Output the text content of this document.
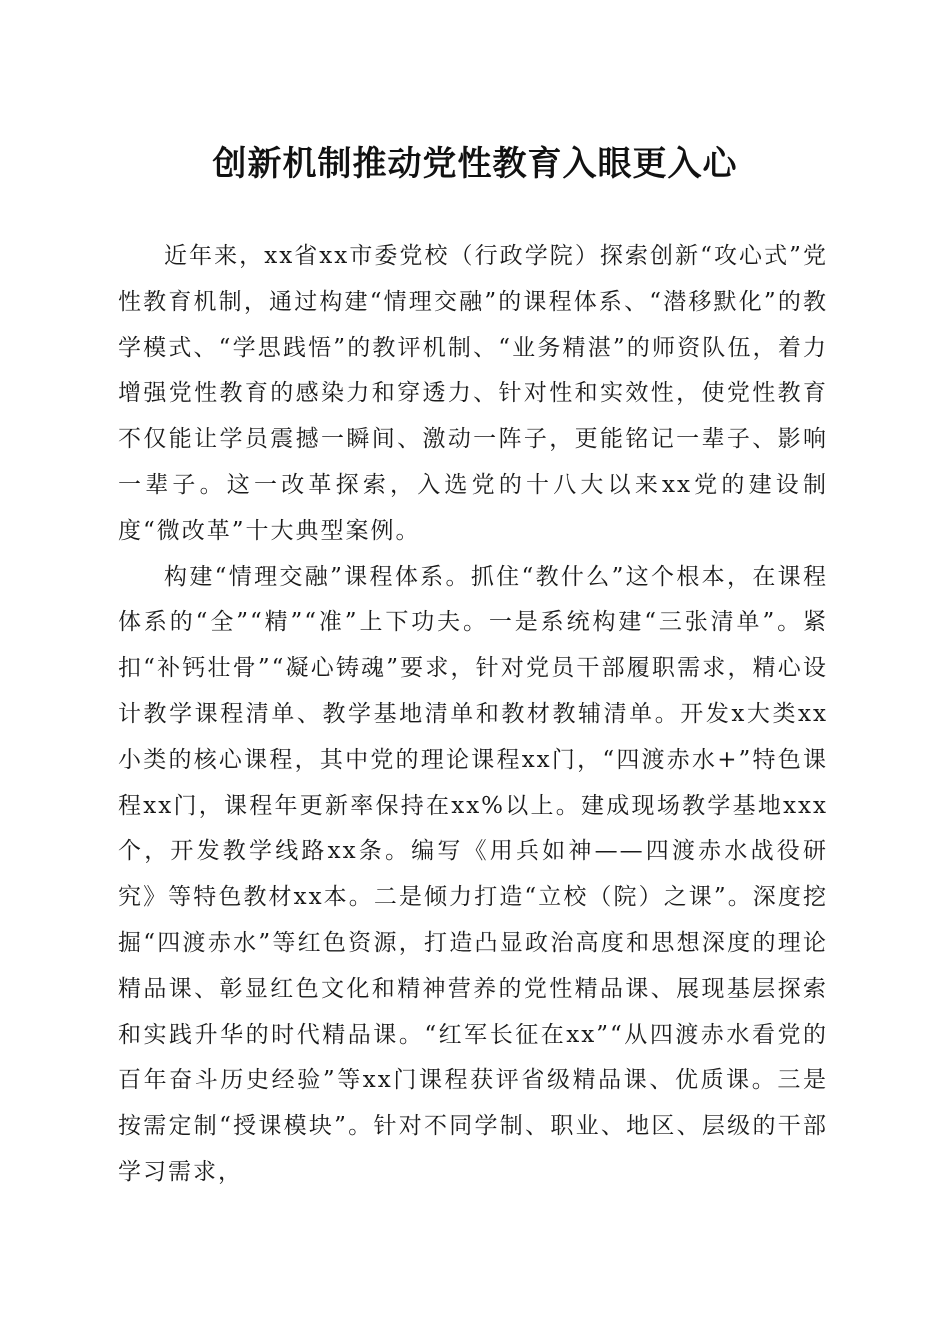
创新机制推动党性教育入眼更入心

近年来，xx省xx市委党校（行政学院）探索创新“攻心式”党性教育机制，通过构建“情理交融”的课程体系、“潜移默化”的教学模式、“学思践悟”的教评机制、“业务精湛”的师资队伍，着力增强党性教育的感染力和穿透力、针对性和实效性，使党性教育不仅能让学员震撼一瞬间、激动一阵子，更能铭记一辈子、影响一辈子。这一改革探索，入选党的十八大以来xx党的建设制度“微改革”十大典型案例。

构建“情理交融”课程体系。抓住“教什么”这个根本，在课程体系的“全”“精”“准”上下功夫。一是系统构建“三张清单”。紧扣“补钙壮骨”“凝心铸魂”要求，针对党员干部履职需求，精心设计教学课程清单、教学基地清单和教材教辅清单。开发x大类xx小类的核心课程，其中党的理论课程xx门，“四渡赤水+”特色课程xx门，课程年更新率保持在xx%以上。建成现场教学基地xxx个，开发教学线路xx条。编写《用兵如神——四渡赤水战役研究》等特色教材xx本。二是倾力打造“立校（院）之课”。深度挖掘“四渡赤水”等红色资源，打造凸显政治高度和思想深度的理论精品课、彰显红色文化和精神营养的党性精品课、展现基层探索和实践升华的时代精品课。“红军长征在xx”“从四渡赤水看党的百年奋斗历史经验”等xx门课程获评省级精品课、优质课。三是按需定制“授课模块”。针对不同学制、职业、地区、层级的干部学习需求，
